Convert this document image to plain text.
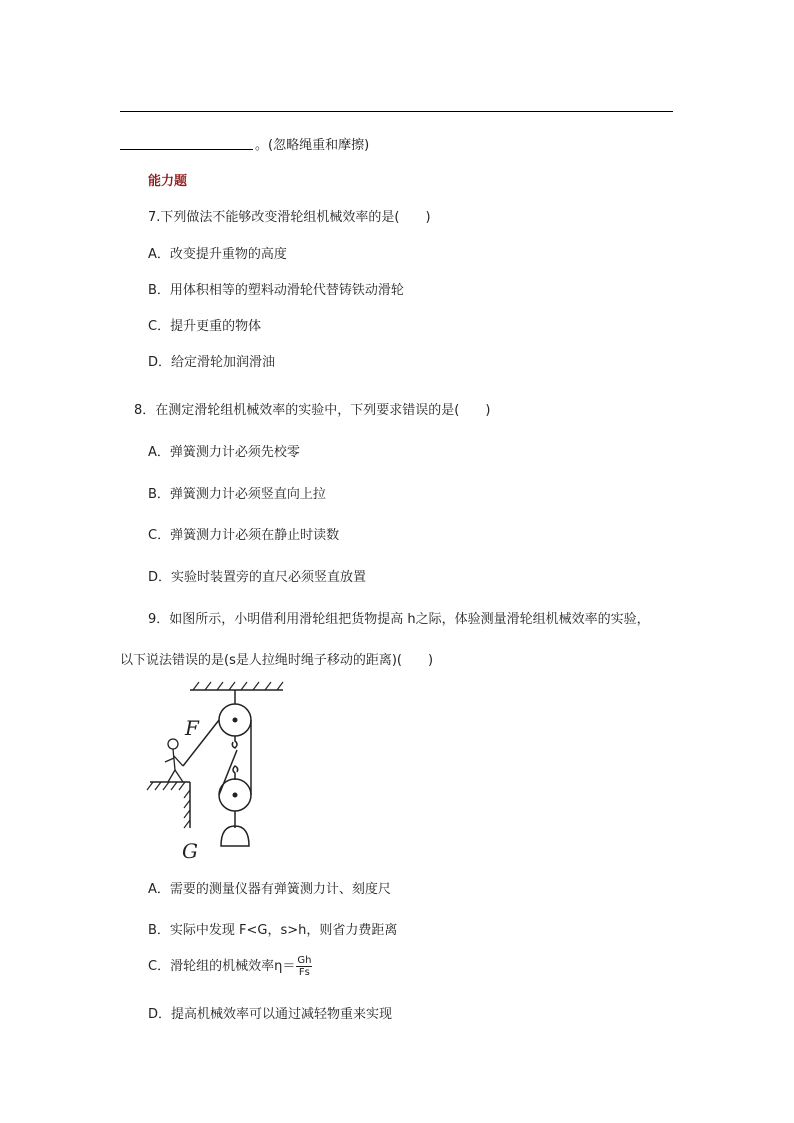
。(忽略绳重和摩擦)
能力题
7.下列做法不能够改变滑轮组机械效率的是(　　)
A．改变提升重物的高度
B．用体积相等的塑料动滑轮代替铸铁动滑轮
C．提升更重的物体
D．给定滑轮加润滑油
8．在测定滑轮组机械效率的实验中，下列要求错误的是(　　)
A．弹簧测力计必须先校零
B．弹簧测力计必须竖直向上拉
C．弹簧测力计必须在静止时读数
D．实验时装置旁的直尺必须竖直放置
9．如图所示，小明借利用滑轮组把货物提高 h之际，体验测量滑轮组机械效率的实验，
以下说法错误的是(s是人拉绳时绳子移动的距离)(　　)
F
G
A．需要的测量仪器有弹簧测力计、刻度尺
B．实际中发现 F<G，s>h，则省力费距离
C．滑轮组的机械效率$\eta= \frac{Gh}{Fs}$
D．提高机械效率可以通过减轻物重来实现
